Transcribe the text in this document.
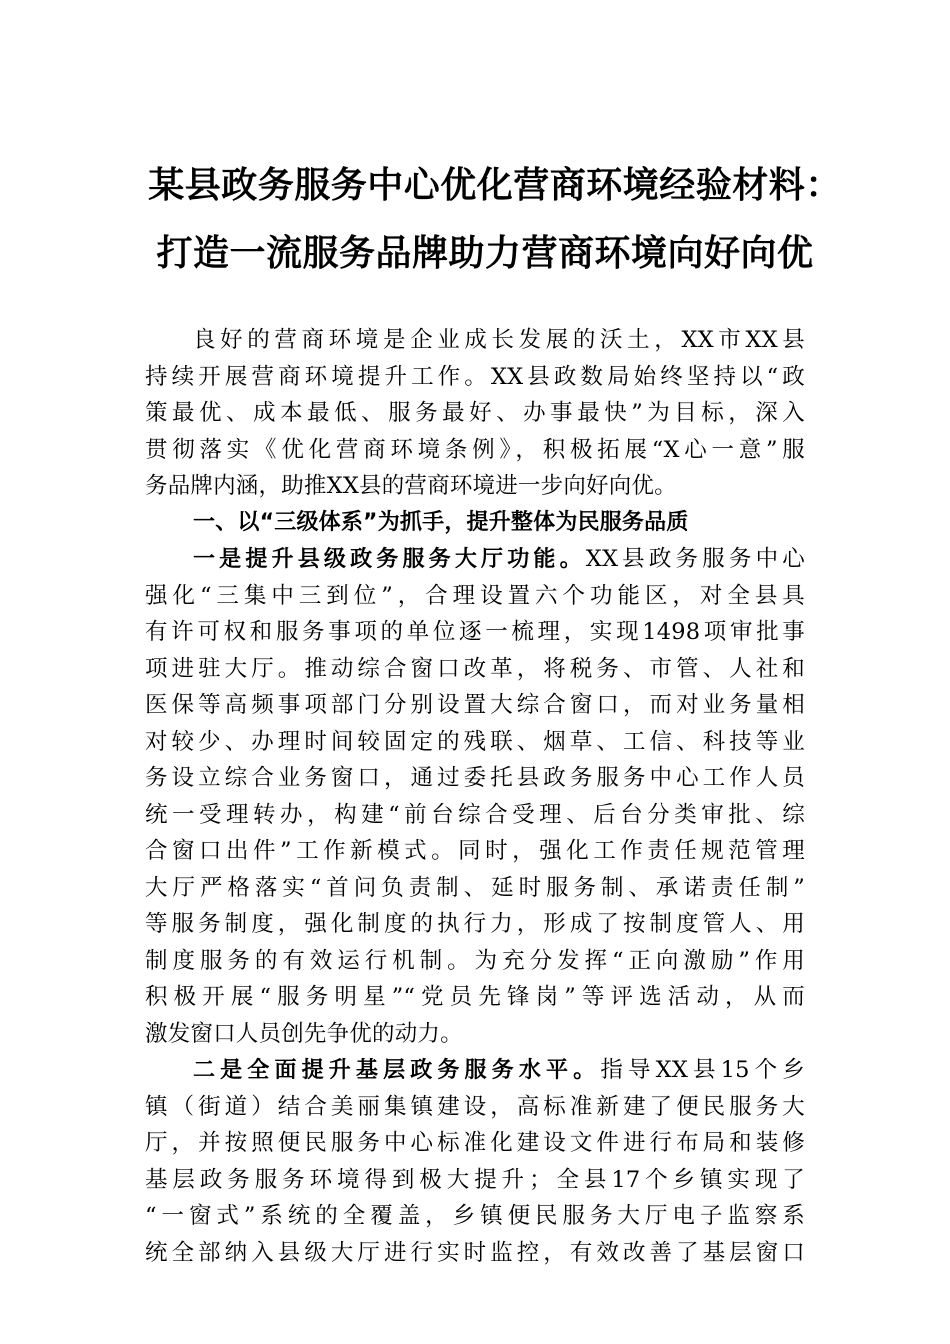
某县政务服务中心优化营商环境经验材料：
打造一流服务品牌助力营商环境向好向优
良好的营商环境是企业成长发展的沃土，XX市XX县
持续开展营商环境提升工作。XX县政数局始终坚持以“政
策最优、成本最低、服务最好、办事最快”为目标，深入
贯彻落实《优化营商环境条例》，积极拓展“X心一意”服
务品牌内涵，助推XX县的营商环境进一步向好向优。
一、以“三级体系”为抓手，提升整体为民服务品质
一是提升县级政务服务大厅功能。XX县政务服务中心
强化“三集中三到位”，合理设置六个功能区，对全县具
有许可权和服务事项的单位逐一梳理，实现1498项审批事
项进驻大厅。推动综合窗口改革，将税务、市管、人社和
医保等高频事项部门分别设置大综合窗口，而对业务量相
对较少、办理时间较固定的残联、烟草、工信、科技等业
务设立综合业务窗口，通过委托县政务服务中心工作人员
统一受理转办，构建“前台综合受理、后台分类审批、综
合窗口出件”工作新模式。同时，强化工作责任规范管理
大厅严格落实“首问负责制、延时服务制、承诺责任制”
等服务制度，强化制度的执行力，形成了按制度管人、用
制度服务的有效运行机制。为充分发挥“正向激励”作用
积极开展“服务明星”“党员先锋岗”等评选活动，从而
激发窗口人员创先争优的动力。
二是全面提升基层政务服务水平。指导XX县15个乡
镇（街道）结合美丽集镇建设，高标准新建了便民服务大
厅，并按照便民服务中心标准化建设文件进行布局和装修
基层政务服务环境得到极大提升；全县17个乡镇实现了
“一窗式”系统的全覆盖，乡镇便民服务大厅电子监察系
统全部纳入县级大厅进行实时监控，有效改善了基层窗口
